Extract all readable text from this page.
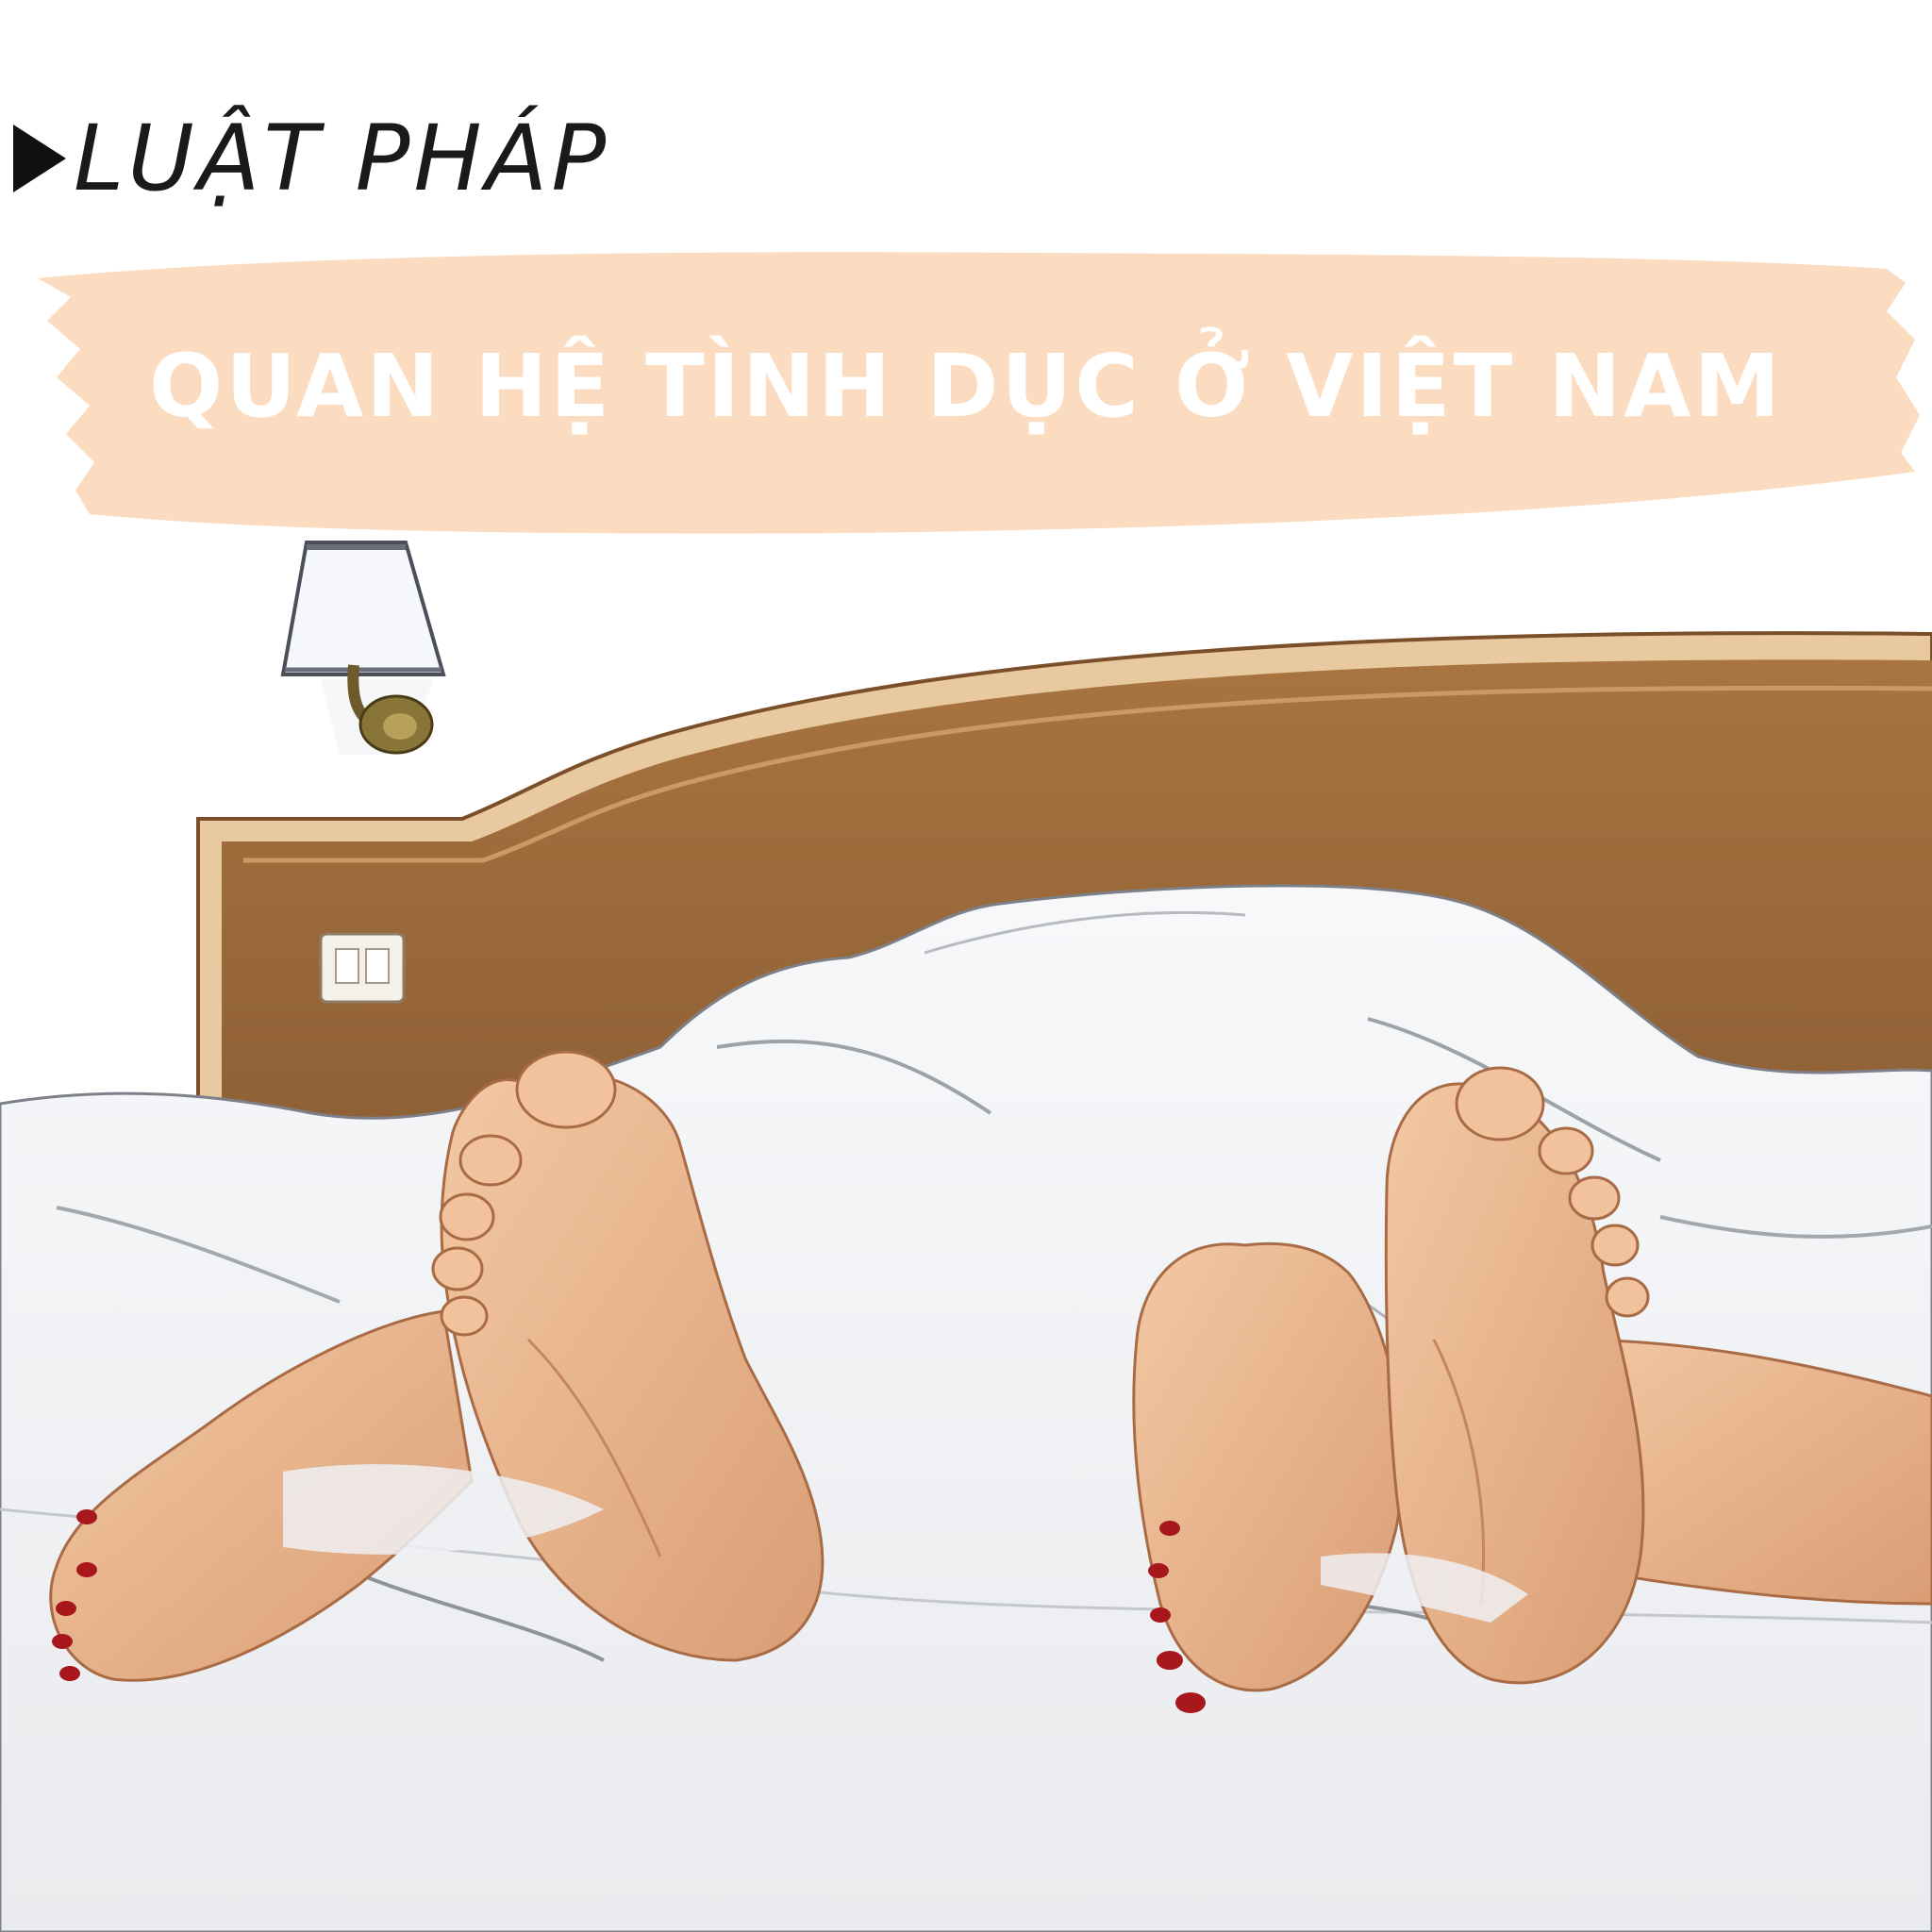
LUẬT PHÁP
QUAN HỆ TÌNH DỤC Ở VIỆT NAM
